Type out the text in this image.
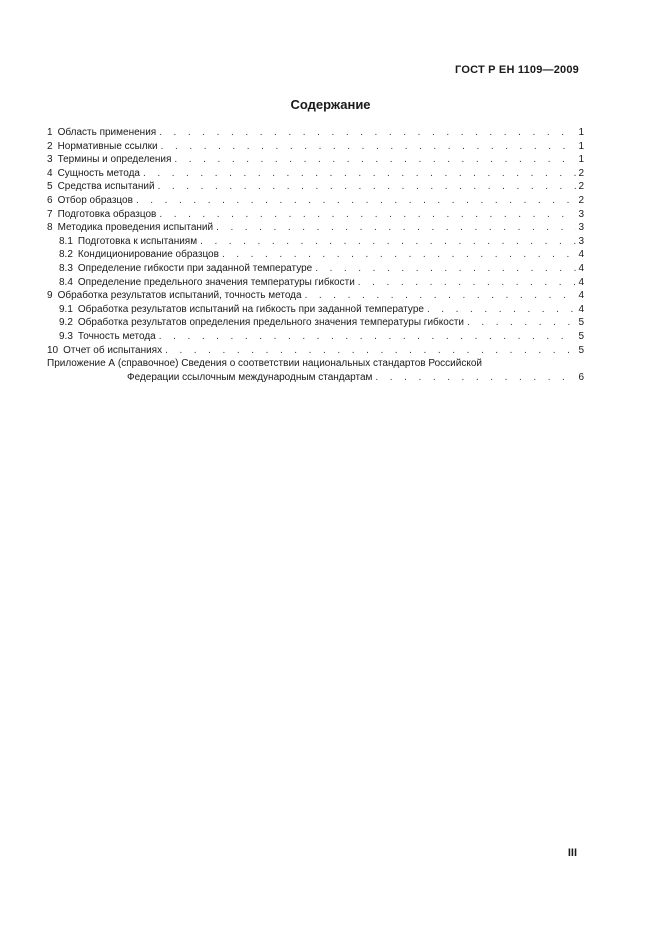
ГОСТ Р ЕН 1109—2009
Содержание
1 Область применения . . .	1
2 Нормативные ссылки . . .	1
3 Термины и определения . . .	1
4 Сущность метода . . .	2
5 Средства испытаний . . .	2
6 Отбор образцов . . .	2
7 Подготовка образцов . . .	3
8 Методика проведения испытаний . . .	3
8.1 Подготовка к испытаниям . . .	3
8.2 Кондиционирование образцов . . .	4
8.3 Определение гибкости при заданной температуре . . .	4
8.4 Определение предельного значения температуры гибкости . . .	4
9 Обработка результатов испытаний, точность метода . . .	4
9.1 Обработка результатов испытаний на гибкость при заданной температуре . . .	4
9.2 Обработка результатов определения предельного значения температуры гибкости . . .	5
9.3 Точность метода . . .	5
10 Отчет об испытаниях . . .	5
Приложение А (справочное) Сведения о соответствии национальных стандартов Российской
Федерации ссылочным международным стандартам . . .	6
III
